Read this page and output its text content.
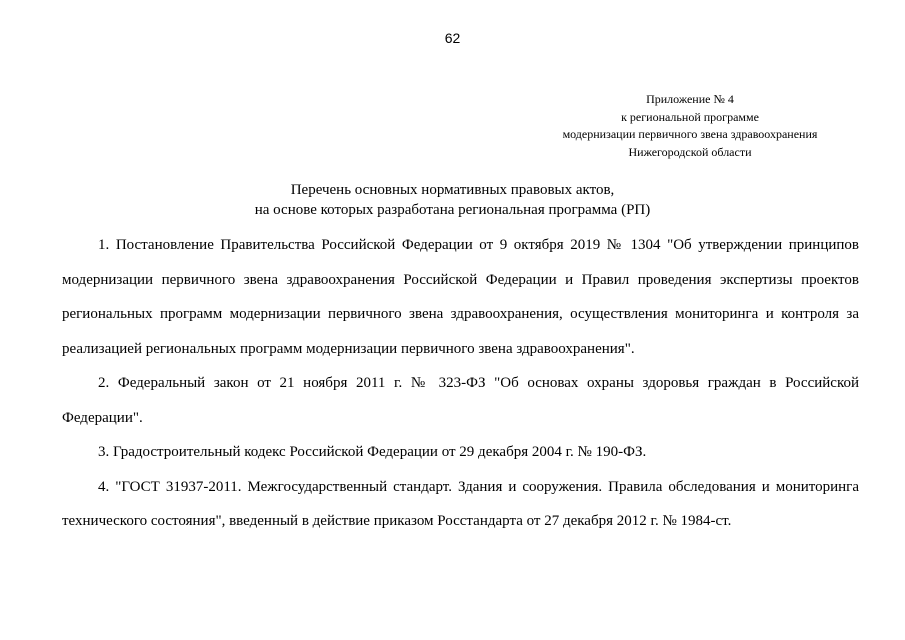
62
Приложение № 4
к региональной программе
модернизации первичного звена здравоохранения
Нижегородской области
Перечень основных нормативных правовых актов,
на основе которых разработана региональная программа (РП)

1. Постановление Правительства Российской Федерации от 9 октября 2019 № 1304 "Об утверждении принципов модернизации первичного звена здравоохранения Российской Федерации и Правил проведения экспертизы проектов региональных программ модернизации первичного звена здравоохранения, осуществления мониторинга и контроля за реализацией региональных программ модернизации первичного звена здравоохранения".

2. Федеральный закон от 21 ноября 2011 г. № 323-ФЗ "Об основах охраны здоровья граждан в Российской Федерации".

3. Градостроительный кодекс Российской Федерации от 29 декабря 2004 г. № 190-ФЗ.

4. "ГОСТ 31937-2011. Межгосударственный стандарт. Здания и сооружения. Правила обследования и мониторинга технического состояния", введенный в действие приказом Росстандарта от 27 декабря 2012 г. № 1984-ст.
